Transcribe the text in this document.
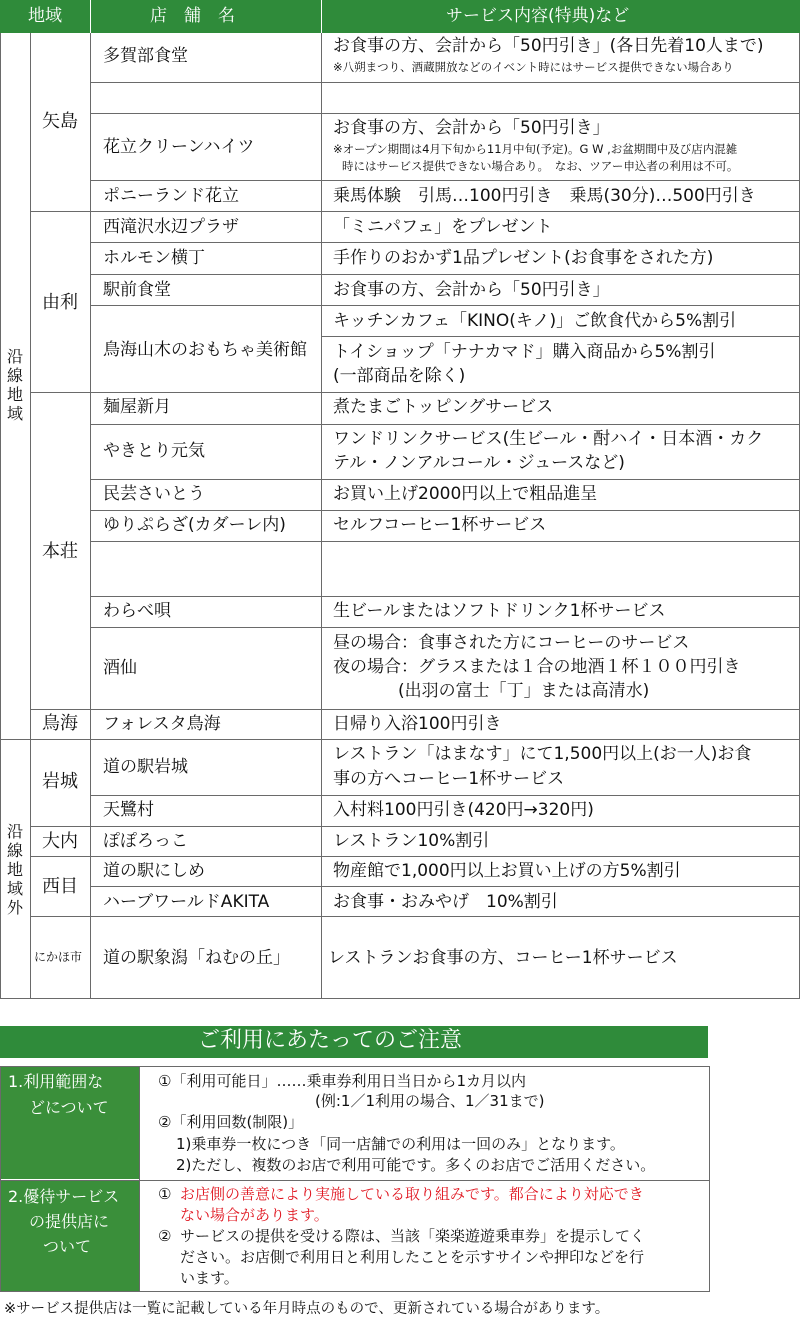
地域	店　舗　名	サービス内容(特典)など
沿線地域
沿線地域外
矢島
由利
本荘
鳥海
岩城
大内
西目
にかほ市
多賀部食堂
花立クリーンハイツ
ポニーランド花立
西滝沢水辺プラザ
ホルモン横丁
駅前食堂
鳥海山木のおもちゃ美術館
麺屋新月
やきとり元気
民芸さいとう
ゆりぷらざ(カダーレ内)
わらべ唄
酒仙
フォレスタ鳥海
道の駅岩城
天鷺村
ぽぽろっこ
道の駅にしめ
ハーブワールドAKITA
道の駅象潟「ねむの丘」
お食事の方、会計から「50円引き」(各日先着10人まで)
※八朔まつり、酒蔵開放などのイベント時にはサービス提供できない場合あり
お食事の方、会計から「50円引き」
※オープン期間は4月下旬から11月中旬(予定)。G W ,お盆期間中及び店内混雑
時にはサービス提供できない場合あり。　なお、ツアー申込者の利用は不可。
乗馬体験　引馬…100円引き　乗馬(30分)…500円引き
「ミニパフェ」をプレゼント
手作りのおかず1品プレゼント(お食事をされた方)
お食事の方、会計から「50円引き」
キッチンカフェ「KINO(キノ)」ご飲食代から5%割引
トイショップ「ナナカマド」購入商品から5%割引
(一部商品を除く)
煮たまごトッピングサービス
ワンドリンクサービス(生ビール・酎ハイ・日本酒・カク
テル・ノンアルコール・ジュースなど)
お買い上げ2000円以上で粗品進呈
セルフコーヒー1杯サービス
生ビールまたはソフトドリンク1杯サービス
昼の場合：食事された方にコーヒーのサービス
夜の場合：グラスまたは１合の地酒１杯１００円引き
(出羽の富士「丁」または高清水)
日帰り入浴100円引き
レストラン「はまなす」にて1,500円以上(お一人)お食
事の方へコーヒー1杯サービス
入村料100円引き(420円→320円)
レストラン10%割引
物産館で1,000円以上お買い上げの方5%割引
お食事・おみやげ　10%割引
レストランお食事の方、コーヒー1杯サービス
ご利用にあたってのご注意
1.利用範囲な
どについて
①「利用可能日」……乗車券利用日当日から1カ月以内
(例:1／1利用の場合、1／31まで)
②「利用回数(制限)」
1)乗車券一枚につき「同一店舗での利用は一回のみ」となります。
2)ただし、複数のお店で利用可能です。多くのお店でご活用ください。
2.優待サービス
の提供店に
ついて
① お店側の善意により実施している取り組みです。都合により対応でき
ない場合があります。
② サービスの提供を受ける際は、当該「楽楽遊遊乗車券」を提示してく
ださい。お店側で利用日と利用したことを示すサインや押印などを行
います。
※サービス提供店は一覧に記載している年月時点のもので、更新されている場合があります。
